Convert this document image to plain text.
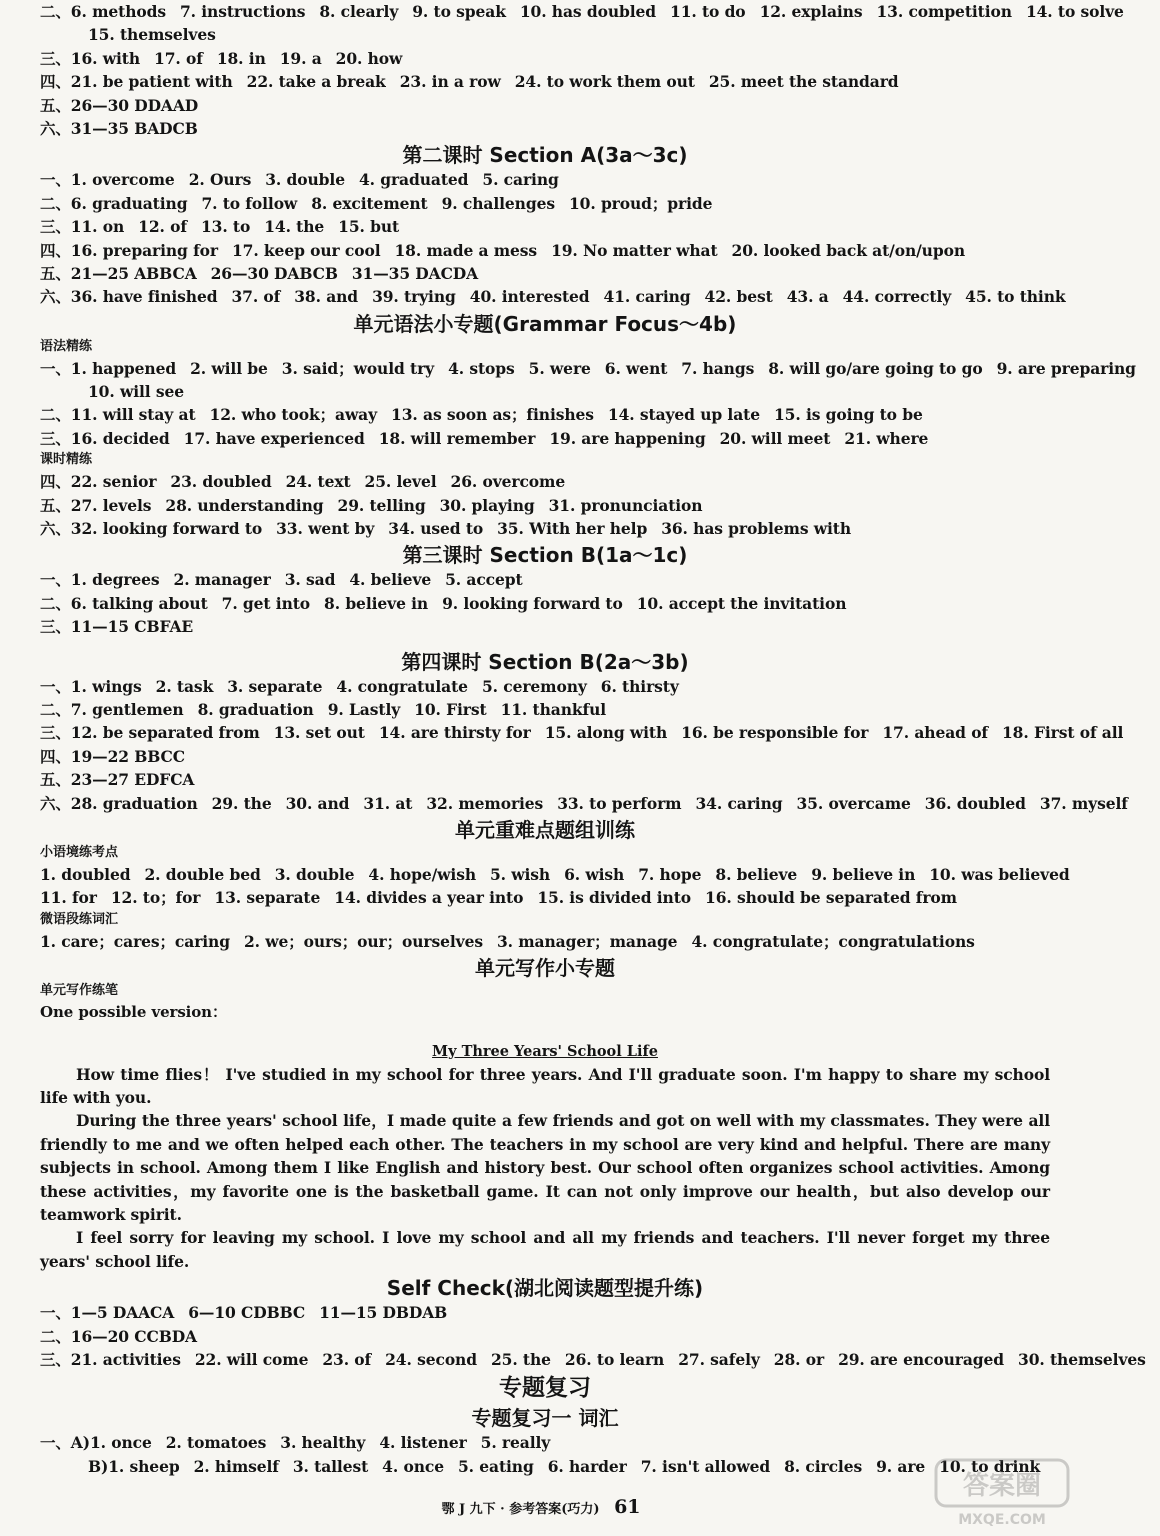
二、6. methods 7. instructions 8. clearly 9. to speak 10. has doubled 11. to do 12. explains 13. competition 14. to solve
15. themselves
三、16. with 17. of 18. in 19. a 20. how
四、21. be patient with 22. take a break 23. in a row 24. to work them out 25. meet the standard
五、26—30 DDAAD
六、31—35 BADCB
第二课时 Section A(3a～3c)
一、1. overcome 2. Ours 3. double 4. graduated 5. caring
二、6. graduating 7. to follow 8. excitement 9. challenges 10. proud；pride
三、11. on 12. of 13. to 14. the 15. but
四、16. preparing for 17. keep our cool 18. made a mess 19. No matter what 20. looked back at/on/upon
五、21—25 ABBCA 26—30 DABCB 31—35 DACDA
六、36. have finished 37. of 38. and 39. trying 40. interested 41. caring 42. best 43. a 44. correctly 45. to think
单元语法小专题(Grammar Focus～4b)
语法精练
一、1. happened 2. will be 3. said；would try 4. stops 5. were 6. went 7. hangs 8. will go/are going to go 9. are preparing
10. will see
二、11. will stay at 12. who took；away 13. as soon as；finishes 14. stayed up late 15. is going to be
三、16. decided 17. have experienced 18. will remember 19. are happening 20. will meet 21. where
课时精练
四、22. senior 23. doubled 24. text 25. level 26. overcome
五、27. levels 28. understanding 29. telling 30. playing 31. pronunciation
六、32. looking forward to 33. went by 34. used to 35. With her help 36. has problems with
第三课时 Section B(1a～1c)
一、1. degrees 2. manager 3. sad 4. believe 5. accept
二、6. talking about 7. get into 8. believe in 9. looking forward to 10. accept the invitation
三、11—15 CBFAE
第四课时 Section B(2a～3b)
一、1. wings 2. task 3. separate 4. congratulate 5. ceremony 6. thirsty
二、7. gentlemen 8. graduation 9. Lastly 10. First 11. thankful
三、12. be separated from 13. set out 14. are thirsty for 15. along with 16. be responsible for 17. ahead of 18. First of all
四、19—22 BBCC
五、23—27 EDFCA
六、28. graduation 29. the 30. and 31. at 32. memories 33. to perform 34. caring 35. overcame 36. doubled 37. myself
单元重难点题组训练
小语境练考点
1. doubled 2. double bed 3. double 4. hope/wish 5. wish 6. wish 7. hope 8. believe 9. believe in 10. was believed
11. for 12. to；for 13. separate 14. divides a year into 15. is divided into 16. should be separated from
微语段练词汇
1. care；cares；caring 2. we；ours；our；ourselves 3. manager；manage 4. congratulate；congratulations
单元写作小专题
单元写作练笔
One possible version：
My Three Years' School Life
How time flies！ I've studied in my school for three years. And I'll graduate soon. I'm happy to share my school life with you.
During the three years' school life，I made quite a few friends and got on well with my classmates. They were all friendly to me and we often helped each other. The teachers in my school are very kind and helpful. There are many subjects in school. Among them I like English and history best. Our school often organizes school activities. Among these activities，my favorite one is the basketball game. It can not only improve our health，but also develop our teamwork spirit.
I feel sorry for leaving my school. I love my school and all my friends and teachers. I'll never forget my three years' school life.
Self Check(湖北阅读题型提升练)
一、1—5 DAACA 6—10 CDBBC 11—15 DBDAB
二、16—20 CCBDA
三、21. activities 22. will come 23. of 24. second 25. the 26. to learn 27. safely 28. or 29. are encouraged 30. themselves
专题复习
专题复习一 词汇
一、A)1. once 2. tomatoes 3. healthy 4. listener 5. really
B)1. sheep 2. himself 3. tallest 4. once 5. eating 6. harder 7. isn't allowed 8. circles 9. are 10. to drink
鄂 J 九下 · 参考答案(巧力) 61
答案圈
MXQE.COM
